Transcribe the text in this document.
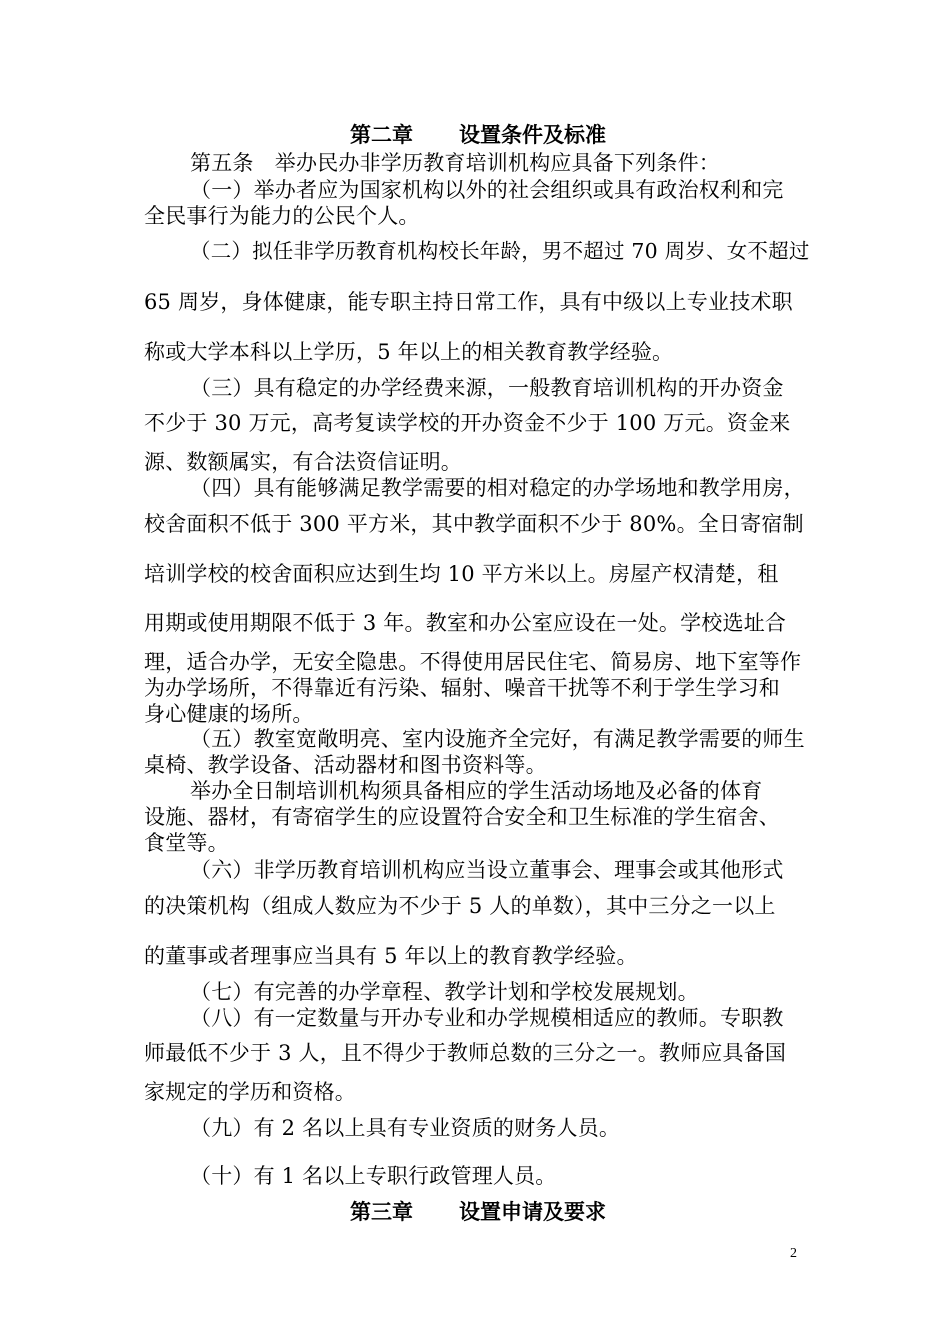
第二章 设置条件及标准
第五条　举办民办非学历教育培训机构应具备下列条件：
（一）举办者应为国家机构以外的社会组织或具有政治权利和完
全民事行为能力的公民个人。
（二）拟任非学历教育机构校长年龄，男不超过 70 周岁、女不超过
65 周岁，身体健康，能专职主持日常工作，具有中级以上专业技术职
称或大学本科以上学历，5 年以上的相关教育教学经验。
（三）具有稳定的办学经费来源，一般教育培训机构的开办资金
不少于 30 万元，高考复读学校的开办资金不少于 100 万元。资金来
源、数额属实，有合法资信证明。
（四）具有能够满足教学需要的相对稳定的办学场地和教学用房，
校舍面积不低于 300 平方米，其中教学面积不少于 80%。全日寄宿制
培训学校的校舍面积应达到生均 10 平方米以上。房屋产权清楚，租
用期或使用期限不低于 3 年。教室和办公室应设在一处。学校选址合
理，适合办学，无安全隐患。不得使用居民住宅、简易房、地下室等作
为办学场所，不得靠近有污染、辐射、噪音干扰等不利于学生学习和
身心健康的场所。
（五）教室宽敞明亮、室内设施齐全完好，有满足教学需要的师生
桌椅、教学设备、活动器材和图书资料等。
举办全日制培训机构须具备相应的学生活动场地及必备的体育
设施、器材，有寄宿学生的应设置符合安全和卫生标准的学生宿舍、
食堂等。
（六）非学历教育培训机构应当设立董事会、理事会或其他形式
的决策机构（组成人数应为不少于 5 人的单数），其中三分之一以上
的董事或者理事应当具有 5 年以上的教育教学经验。
（七）有完善的办学章程、教学计划和学校发展规划。
（八）有一定数量与开办专业和办学规模相适应的教师。专职教
师最低不少于 3 人，且不得少于教师总数的三分之一。教师应具备国
家规定的学历和资格。
（九）有 2 名以上具有专业资质的财务人员。
（十）有 1 名以上专职行政管理人员。
第三章 设置申请及要求
2
